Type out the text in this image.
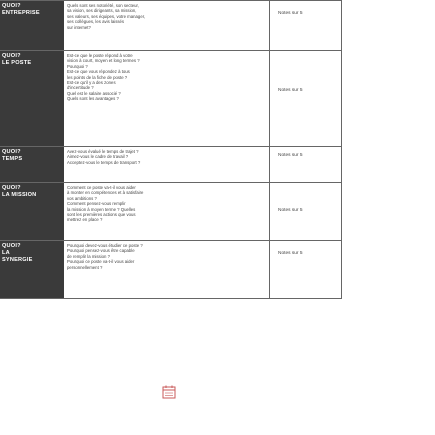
QUOI?
ENTREPRISE
Quels sont ses notoriété, son secteur,
sa vision, ses dirigeants, sa mission,
ses valeurs, ses équipes, votre manager,
ses collègues, les avis laissés
sur internet?
Notes sur 5
QUOI?
LE POSTE
Est-ce que le poste répond à votre
vision à court, moyen et long termes ?
Pourquoi ?
Est-ce que vous répondez à tous
les points de la fiche de poste ?
Est-ce qu'il y a des zones
d'incertitude ?
Quel est le salaire associé ?
Quels sont les avantages ?
Notes sur 5
QUOI?
TEMPS
Avez-vous évalué le temps de trajet ?
Aimez-vous le cadre de travail ?
Acceptez-vous le temps de transport ?
Notes sur 5
QUOI?
LA MISSION
Comment ce poste va-t-il vous aider
à monter en compétences et à satisfaire
vos ambitions ?
Comment pensez-vous remplir
la mission à moyen terme ? Quelles
sont les premières actions que vous
mettrez en place ?
Notes sur 5
QUOI?
LA
SYNERGIE
Pourquoi devez-vous étudier ce poste ?
Pourquoi pensez-vous être capable
de remplir la mission ?
Pourquoi ce poste va-t-il vous aider
personnellement ?
Notes sur 5
